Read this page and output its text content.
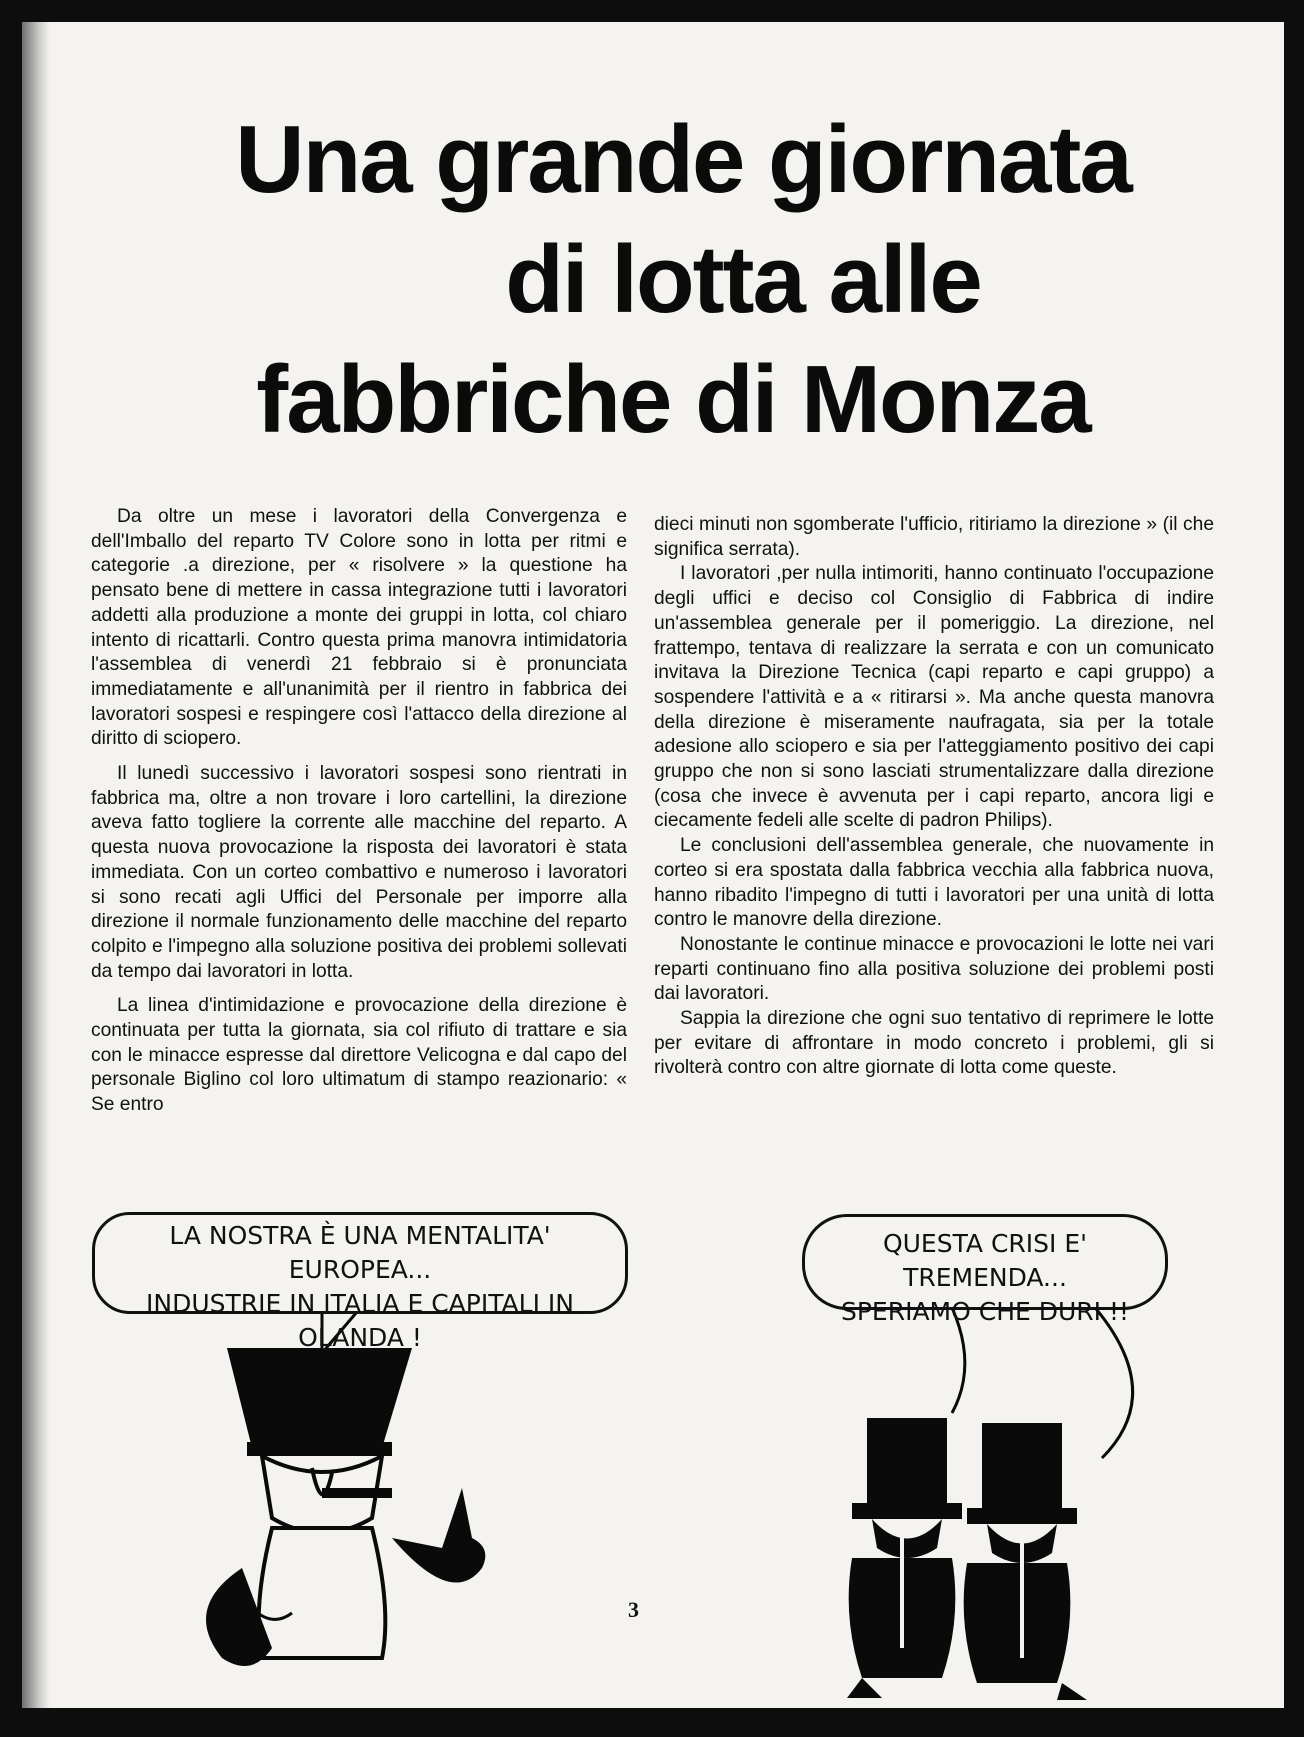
Una grande giornata
di lotta alle
fabbriche di Monza

Da oltre un mese i lavoratori della Convergenza e dell'Imballo del reparto TV Colore sono in lotta per ritmi e categorie .a direzione, per « risolvere » la questione ha pensato bene di mettere in cassa integrazione tutti i lavoratori addetti alla produzione a monte dei gruppi in lotta, col chiaro intento di ricattarli. Contro questa prima manovra intimidatoria l'assemblea di venerdì 21 febbraio si è pronunciata immediatamente e all'unanimità per il rientro in fabbrica dei lavoratori sospesi e respingere così l'attacco della direzione al diritto di sciopero.

Il lunedì successivo i lavoratori sospesi sono rientrati in fabbrica ma, oltre a non trovare i loro cartellini, la direzione aveva fatto togliere la corrente alle macchine del reparto. A questa nuova provocazione la risposta dei lavoratori è stata immediata. Con un corteo combattivo e numeroso i lavoratori si sono recati agli Uffici del Personale per imporre alla direzione il normale funzionamento delle macchine del reparto colpito e l'impegno alla soluzione positiva dei problemi sollevati da tempo dai lavoratori in lotta.

La linea d'intimidazione e provocazione della direzione è continuata per tutta la giornata, sia col rifiuto di trattare e sia con le minacce espresse dal direttore Velicogna e dal capo del personale Biglino col loro ultimatum di stampo reazionario: « Se entro

dieci minuti non sgomberate l'ufficio, ritiriamo la direzione » (il che significa serrata).

I lavoratori ,per nulla intimoriti, hanno continuato l'occupazione degli uffici e deciso col Consiglio di Fabbrica di indire un'assemblea generale per il pomeriggio. La direzione, nel frattempo, tentava di realizzare la serrata e con un comunicato invitava la Direzione Tecnica (capi reparto e capi gruppo) a sospendere l'attività e a « ritirarsi ». Ma anche questa manovra della direzione è miseramente naufragata, sia per la totale adesione allo sciopero e sia per l'atteggiamento positivo dei capi gruppo che non si sono lasciati strumentalizzare dalla direzione (cosa che invece è avvenuta per i capi reparto, ancora ligi e ciecamente fedeli alle scelte di padron Philips).

Le conclusioni dell'assemblea generale, che nuovamente in corteo si era spostata dalla fabbrica vecchia alla fabbrica nuova, hanno ribadito l'impegno di tutti i lavoratori per una unità di lotta contro le manovre della direzione.

Nonostante le continue minacce e provocazioni le lotte nei vari reparti continuano fino alla positiva soluzione dei problemi posti dai lavoratori.

Sappia la direzione che ogni suo tentativo di reprimere le lotte per evitare di affrontare in modo concreto i problemi, gli si rivolterà contro con altre giornate di lotta come queste.

LA NOSTRA È UNA MENTALITA' EUROPEA...
INDUSTRIE IN ITALIA E CAPITALI IN OLANDA !
QUESTA CRISI E' TREMENDA...
SPERIAMO CHE DURI !!
3
